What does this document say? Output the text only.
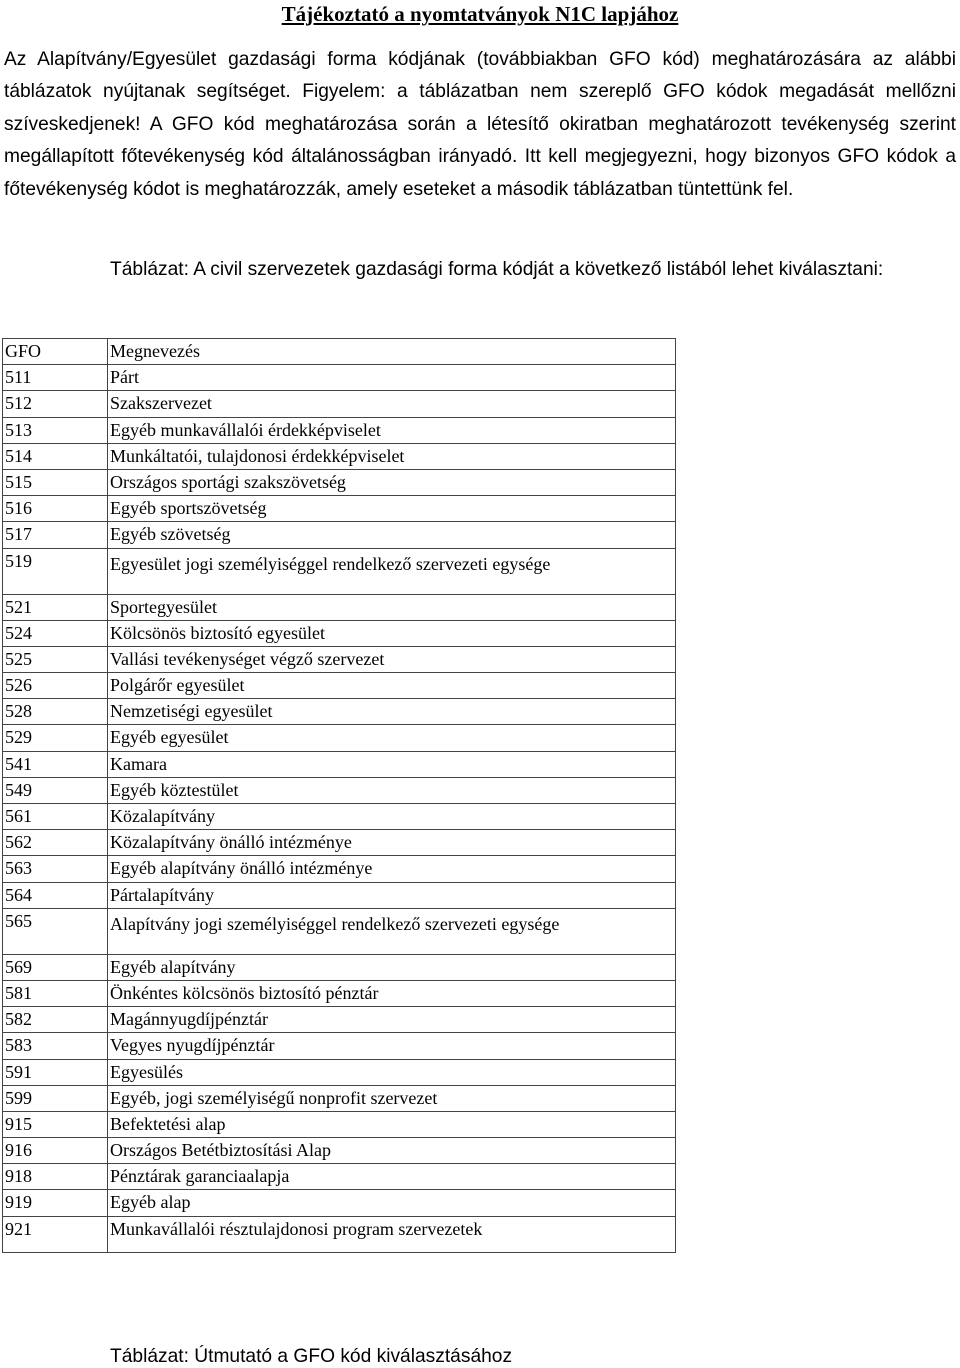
Tájékoztató a nyomtatványok N1C lapjához

Az Alapítvány/Egyesület gazdasági forma kódjának (továbbiakban GFO kód) meghatározására az alábbi táblázatok nyújtanak segítséget. Figyelem: a táblázatban nem szereplő GFO kódok megadását mellőzni szíveskedjenek! A GFO kód meghatározása során a létesítő okiratban meghatározott tevékenység szerint megállapított főtevékenység kód általánosságban irányadó. Itt kell megjegyezni, hogy bizonyos GFO kódok a főtevékenység kódot is meghatározzák, amely eseteket a második táblázatban tüntettünk fel.

Táblázat: A civil szervezetek gazdasági forma kódját a következő listából lehet kiválasztani:

GFO	Megnevezés
511	Párt
512	Szakszervezet
513	Egyéb munkavállalói érdekképviselet
514	Munkáltatói, tulajdonosi érdekképviselet
515	Országos sportági szakszövetség
516	Egyéb sportszövetség
517	Egyéb szövetség
519	Egyesület jogi személyiséggel rendelkező szervezeti egysége
521	Sportegyesület
524	Kölcsönös biztosító egyesület
525	Vallási tevékenységet végző szervezet
526	Polgárőr egyesület
528	Nemzetiségi egyesület
529	Egyéb egyesület
541	Kamara
549	Egyéb köztestület
561	Közalapítvány
562	Közalapítvány önálló intézménye
563	Egyéb alapítvány önálló intézménye
564	Pártalapítvány
565	Alapítvány jogi személyiséggel rendelkező szervezeti egysége
569	Egyéb alapítvány
581	Önkéntes kölcsönös biztosító pénztár
582	Magánnyugdíjpénztár
583	Vegyes nyugdíjpénztár
591	Egyesülés
599	Egyéb, jogi személyiségű nonprofit szervezet
915	Befektetési alap
916	Országos Betétbiztosítási Alap
918	Pénztárak garanciaalapja
919	Egyéb alap
921	Munkavállalói résztulajdonosi program szervezetek
Táblázat: Útmutató a GFO kód kiválasztásához
